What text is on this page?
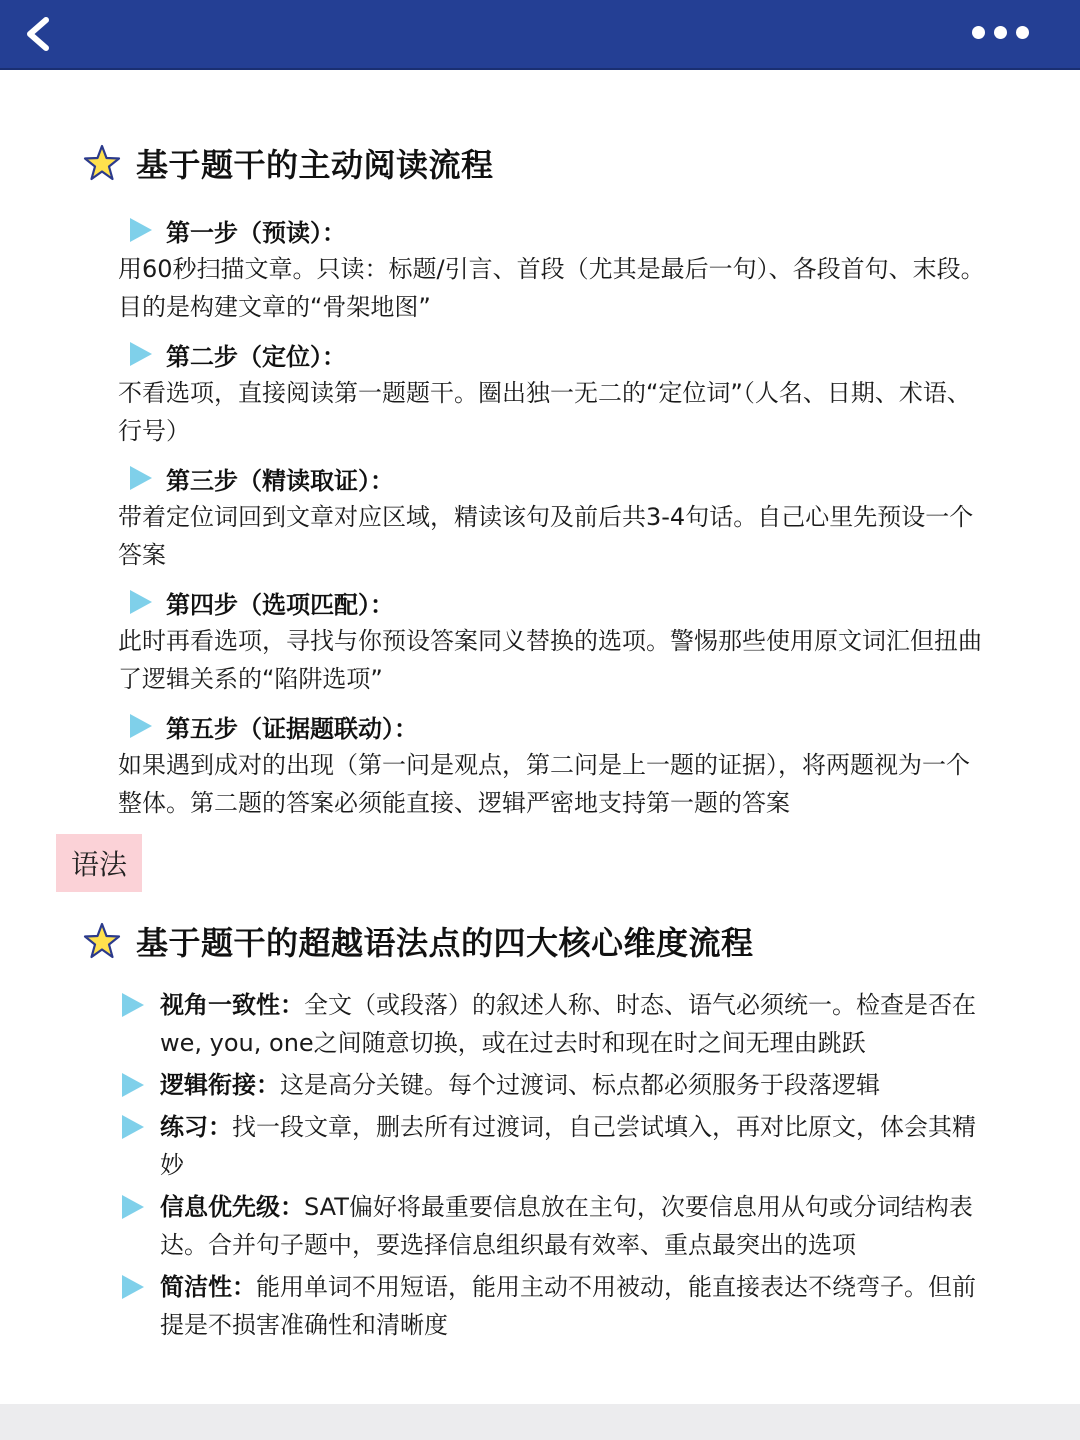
基于题干的主动阅读流程
第一步（预读）：
用60秒扫描文章。只读：标题/引言、首段（尤其是最后一句）、各段首句、末段。目的是构建文章的“骨架地图”
第二步（定位）：
不看选项，直接阅读第一题题干。圈出独一无二的“定位词”（人名、日期、术语、行号）
第三步（精读取证）：
带着定位词回到文章对应区域，精读该句及前后共3-4句话。自己心里先预设一个答案
第四步（选项匹配）：
此时再看选项，寻找与你预设答案同义替换的选项。警惕那些使用原文词汇但扭曲了逻辑关系的“陷阱选项”
第五步（证据题联动）：
如果遇到成对的出现（第一问是观点，第二问是上一题的证据），将两题视为一个整体。第二题的答案必须能直接、逻辑严密地支持第一题的答案
语法
基于题干的超越语法点的四大核心维度流程
视角一致性：全文（或段落）的叙述人称、时态、语气必须统一。检查是否在we, you, one之间随意切换，或在过去时和现在时之间无理由跳跃
逻辑衔接：这是高分关键。每个过渡词、标点都必须服务于段落逻辑
练习：找一段文章，删去所有过渡词，自己尝试填入，再对比原文，体会其精妙
信息优先级：SAT偏好将最重要信息放在主句，次要信息用从句或分词结构表达。合并句子题中，要选择信息组织最有效率、重点最突出的选项
简洁性：能用单词不用短语，能用主动不用被动，能直接表达不绕弯子。但前提是不损害准确性和清晰度
